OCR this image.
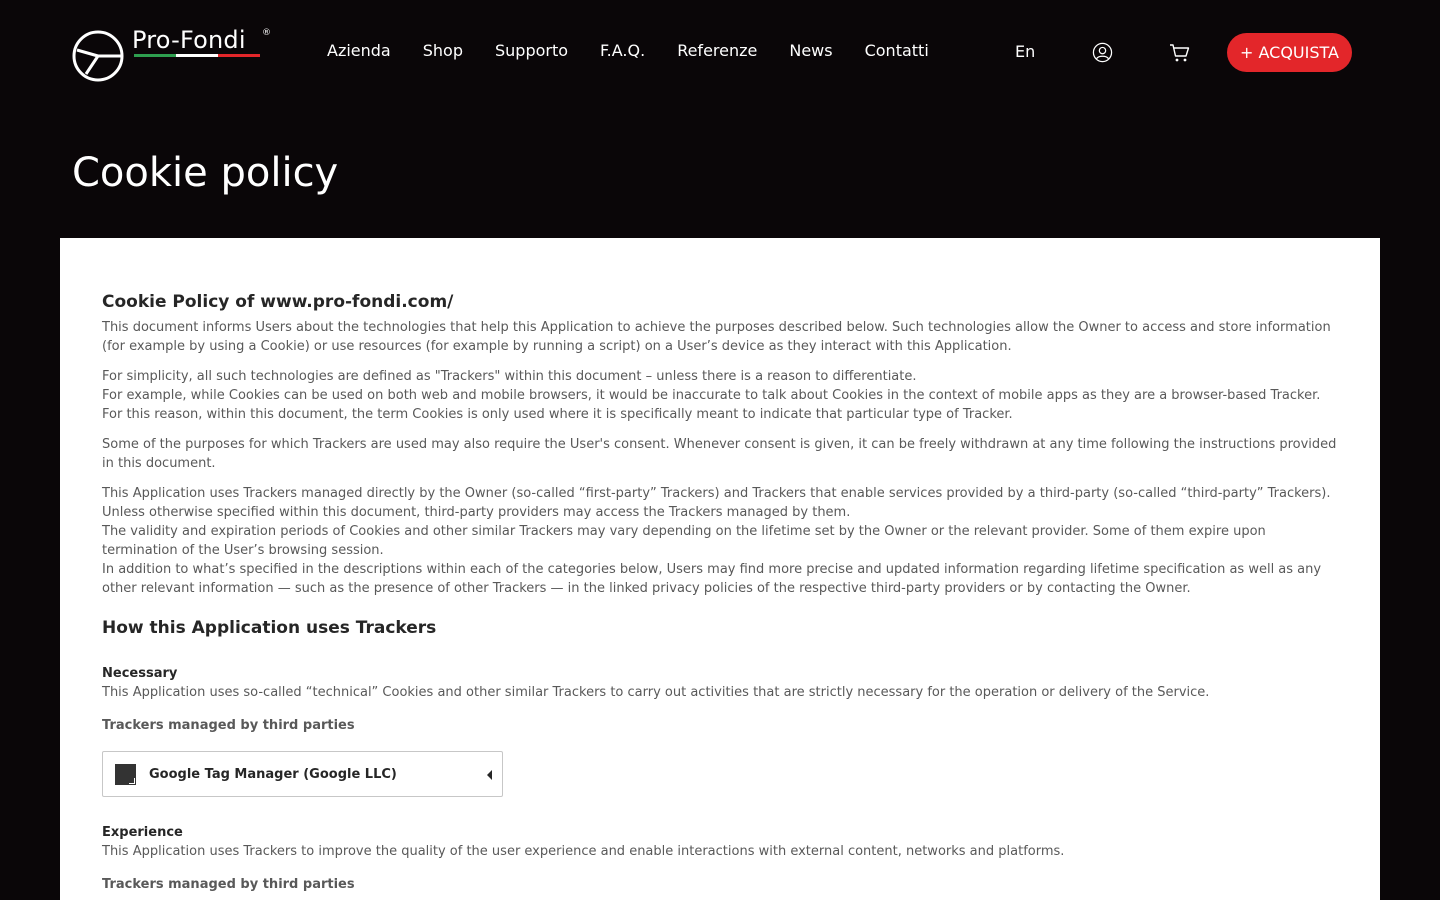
Pro-Fondi ®
Azienda Shop Supporto F.A.Q. Referenze News Contatti	En	+ ACQUISTA
Cookie policy
Cookie Policy of www.pro-fondi.com/

This document informs Users about the technologies that help this Application to achieve the purposes described below. Such technologies allow the Owner to access and store information (for example by using a Cookie) or use resources (for example by running a script) on a User’s device as they interact with this Application.

For simplicity, all such technologies are defined as "Trackers" within this document – unless there is a reason to differentiate.

For example, while Cookies can be used on both web and mobile browsers, it would be inaccurate to talk about Cookies in the context of mobile apps as they are a browser-based Tracker. For this reason, within this document, the term Cookies is only used where it is specifically meant to indicate that particular type of Tracker.

Some of the purposes for which Trackers are used may also require the User's consent. Whenever consent is given, it can be freely withdrawn at any time following the instructions provided in this document.

This Application uses Trackers managed directly by the Owner (so-called “first-party” Trackers) and Trackers that enable services provided by a third-party (so-called “third-party” Trackers). Unless otherwise specified within this document, third-party providers may access the Trackers managed by them.

The validity and expiration periods of Cookies and other similar Trackers may vary depending on the lifetime set by the Owner or the relevant provider. Some of them expire upon termination of the User’s browsing session.

In addition to what’s specified in the descriptions within each of the categories below, Users may find more precise and updated information regarding lifetime specification as well as any other relevant information — such as the presence of other Trackers — in the linked privacy policies of the respective third-party providers or by contacting the Owner.

How this Application uses Trackers
Necessary
This Application uses so-called “technical” Cookies and other similar Trackers to carry out activities that are strictly necessary for the operation or delivery of the Service.
Trackers managed by third parties
Google Tag Manager (Google LLC)
Experience
This Application uses Trackers to improve the quality of the user experience and enable interactions with external content, networks and platforms.
Trackers managed by third parties
